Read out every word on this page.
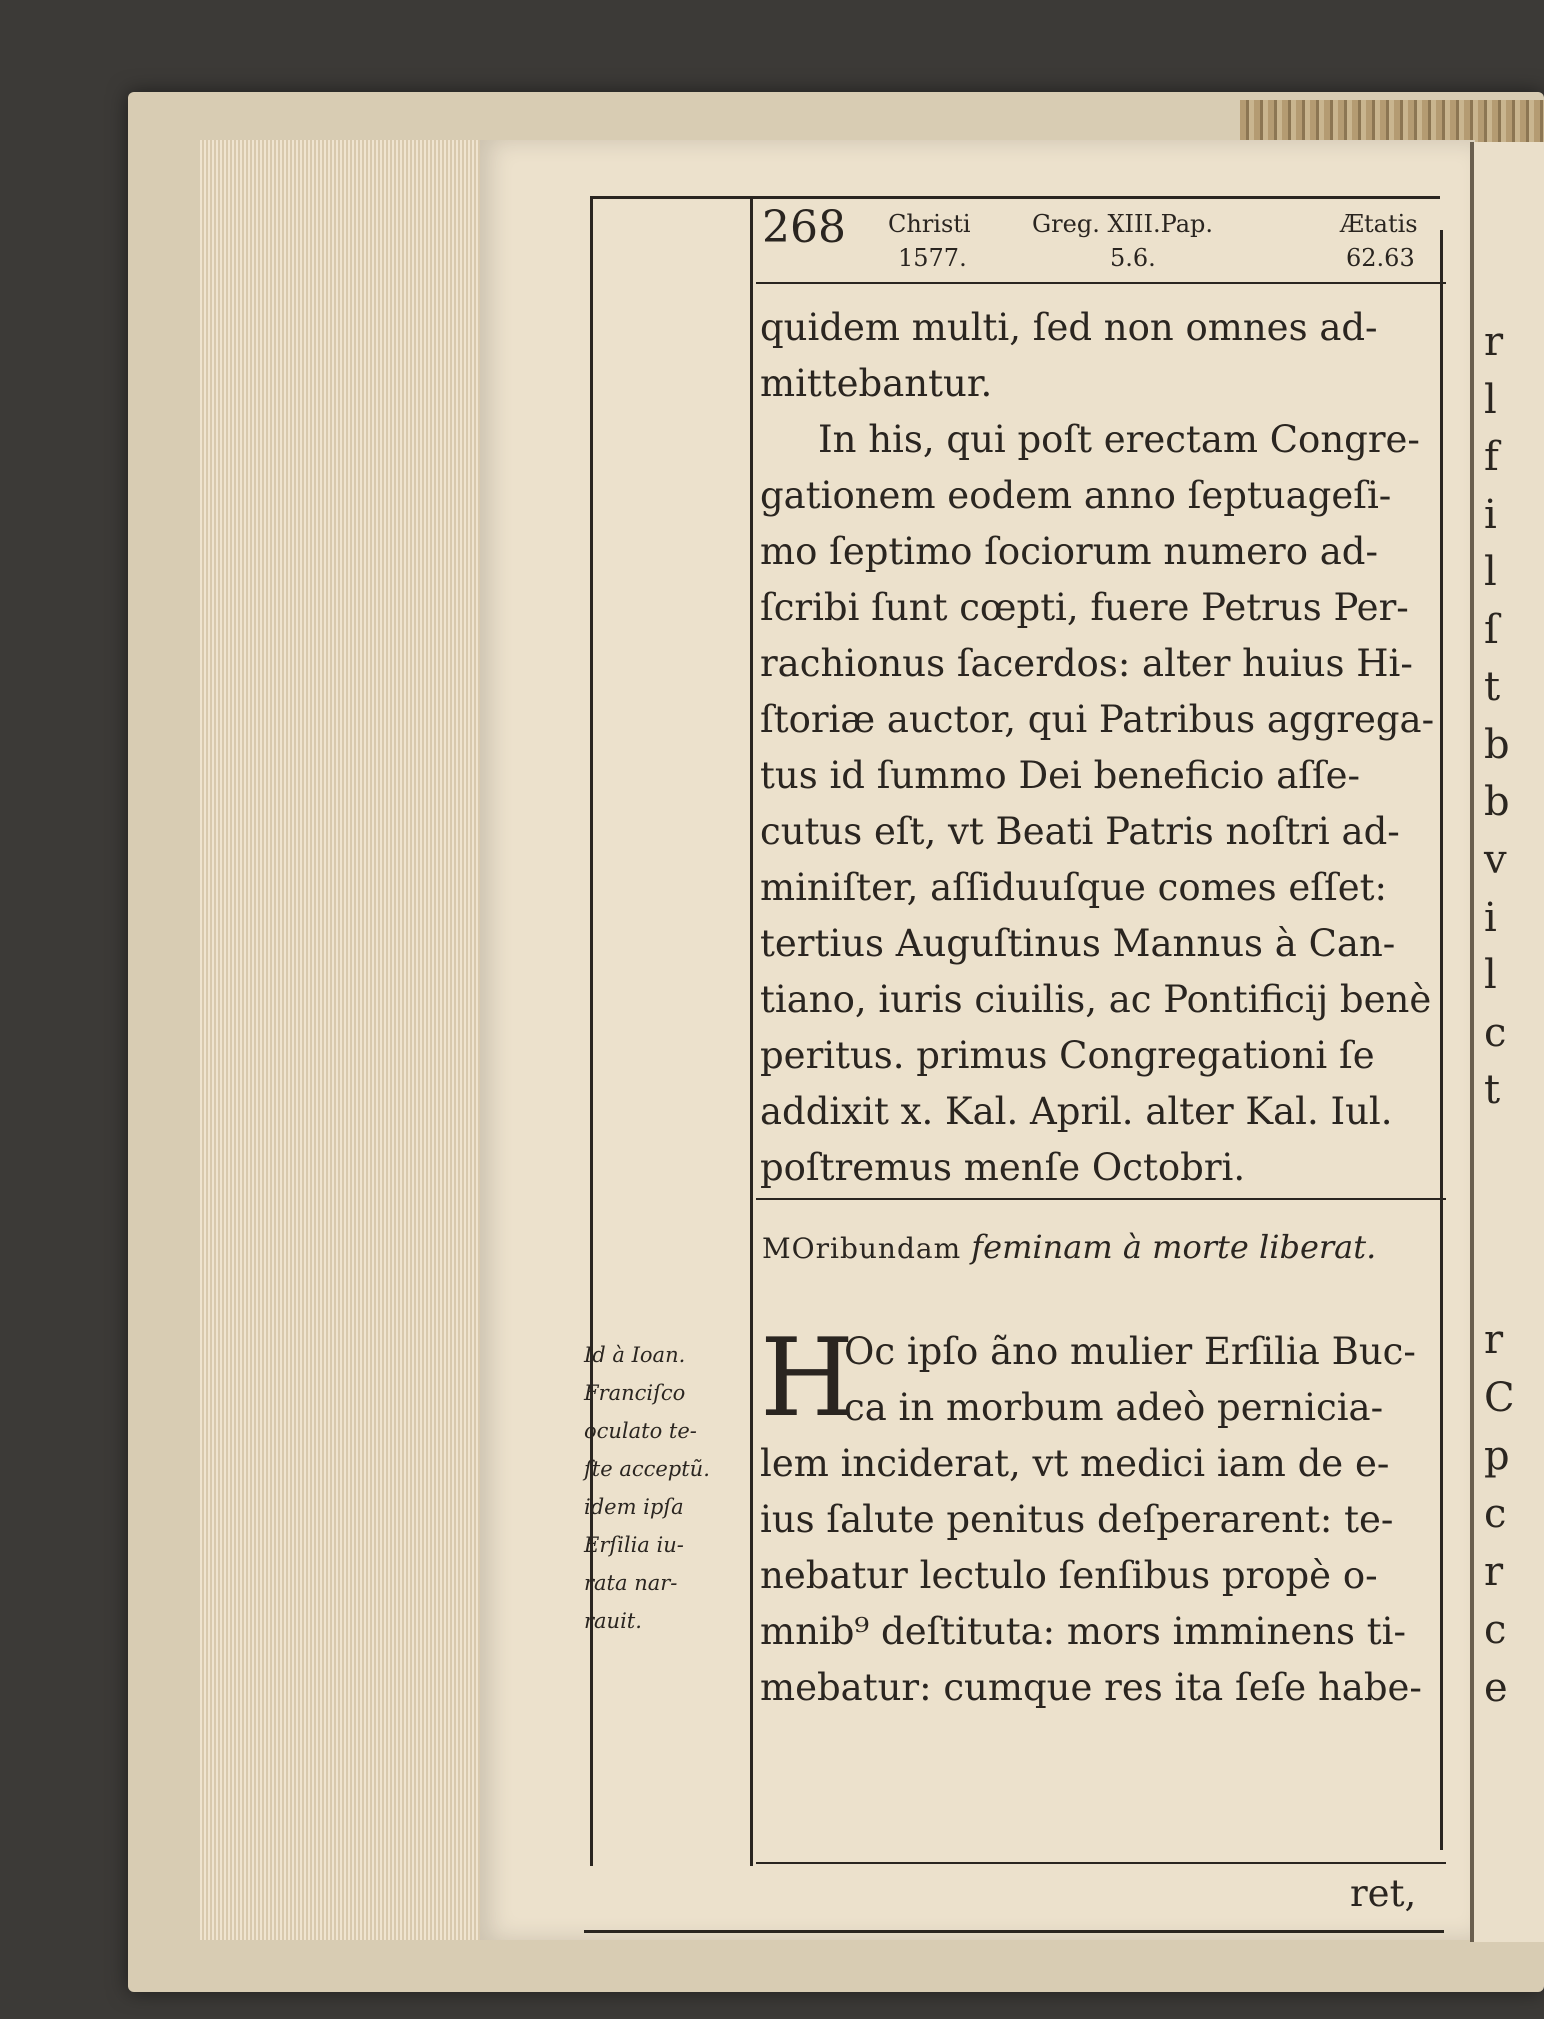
r
l
f
i
l
ſ
t
b
b
v
i
l
c
t
r
C
p
c
r
c
e
268 Christi
1577.
Greg. XIII.Pap.
5.6.
Ætatis
62.63
quidem multi, ſed non omnes ad-
mittebantur.
In his, qui poſt erectam Congre-
gationem eodem anno ſeptuageſi-
mo ſeptimo ſociorum numero ad-
ſcribi ſunt cœpti, fuere Petrus Per-
rachionus ſacerdos: alter huius Hi-
ſtoriæ auctor, qui Patribus aggrega-
tus id ſummo Dei beneficio aſſe-
cutus eſt, vt Beati Patris noſtri ad-
miniſter, aſſiduuſque comes eſſet:
tertius Auguſtinus Mannus à Can-
tiano, iuris ciuilis, ac Pontificij benè
peritus. primus Congregationi ſe
addixit x. Kal. April. alter Kal. Iul.
poſtremus menſe Octobri.
MOribundam feminam à morte liberat.
H
Oc ipſo ãno mulier Erſilia Buc-
ca in morbum adeò pernicia-
lem inciderat, vt medici iam de e-
ius ſalute penitus deſperarent: te-
nebatur lectulo ſenſibus propè o-
mnib⁹ deſtituta: mors imminens ti-
mebatur: cumque res ita ſeſe habe-
ret,
Id à Ioan.
Franciſco
oculato te-
ſte acceptũ.
idem ipſa
Erſilia iu-
rata nar-
rauit.
